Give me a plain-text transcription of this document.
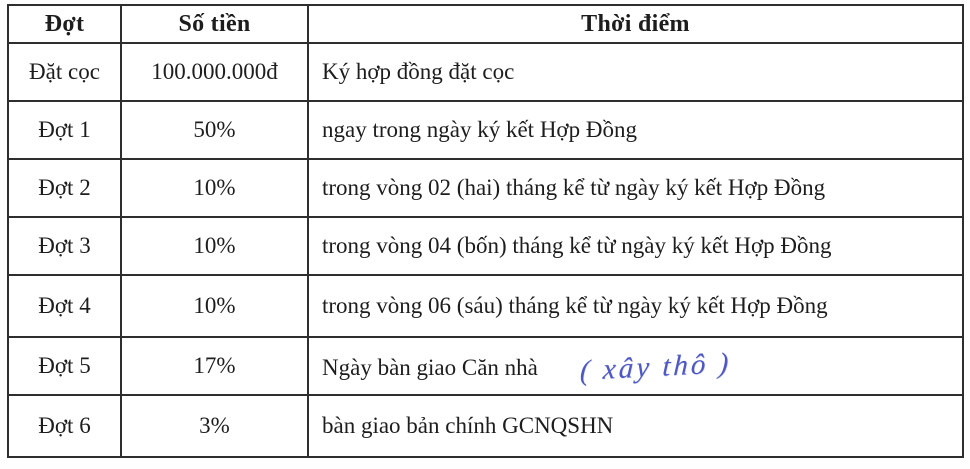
Đợt	Số tiền	Thời điểm
Đặt cọc	100.000.000đ	Ký hợp đồng đặt cọc
Đợt 1	50%	ngay trong ngày ký kết Hợp Đồng
Đợt 2	10%	trong vòng 02 (hai) tháng kể từ ngày ký kết Hợp Đồng
Đợt 3	10%	trong vòng 04 (bốn) tháng kể từ ngày ký kết Hợp Đồng
Đợt 4	10%	trong vòng 06 (sáu) tháng kể từ ngày ký kết Hợp Đồng
Đợt 5	17%	Ngày bàn giao Căn nhà ( xây thô )
Đợt 6	3%	bàn giao bản chính GCNQSHN
